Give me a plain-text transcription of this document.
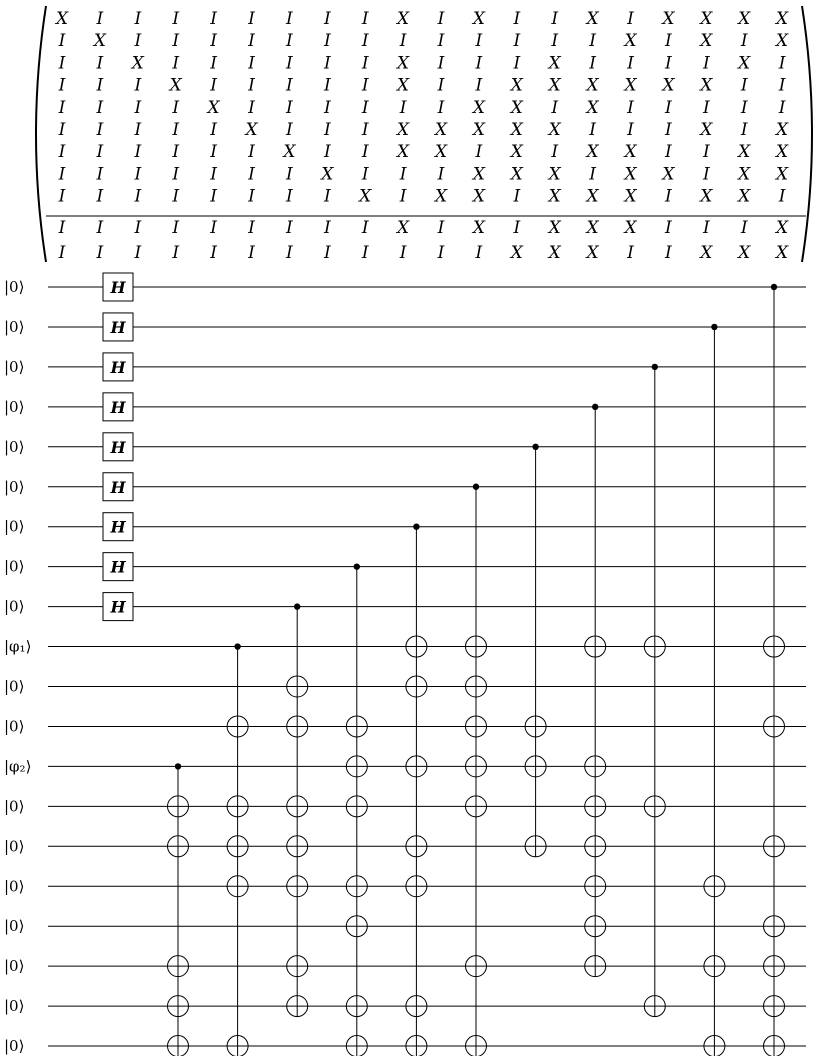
X I I I I I I I I X I X I I X I X X X X
I X I I I I I I I I I I I I I X I X I X
I I X I I I I I I X I I I X I I I I X I
I I I X I I I I I X I I X X X X X X I I
I I I I X I I I I I I X X I X I I I I I
I I I I I X I I I X X X X X I I I X I X
I I I I I I X I I X X I X I X X I I X X
I I I I I I I X I I I X X X I X X I X X
I I I I I I I I X I X X I X X X I X X I
I I I I I I I I I X I X I X X X I I I X
I I I I I I I I I I I I X X X I I X X X
|0⟩
|0⟩
|0⟩
|0⟩
|0⟩
|0⟩
|0⟩
|0⟩
|0⟩
|φ₁⟩
|0⟩
|0⟩
|φ₂⟩
|0⟩
|0⟩
|0⟩
|0⟩
|0⟩
|0⟩
|0⟩
H
H
H
H
H
H
H
H
H
